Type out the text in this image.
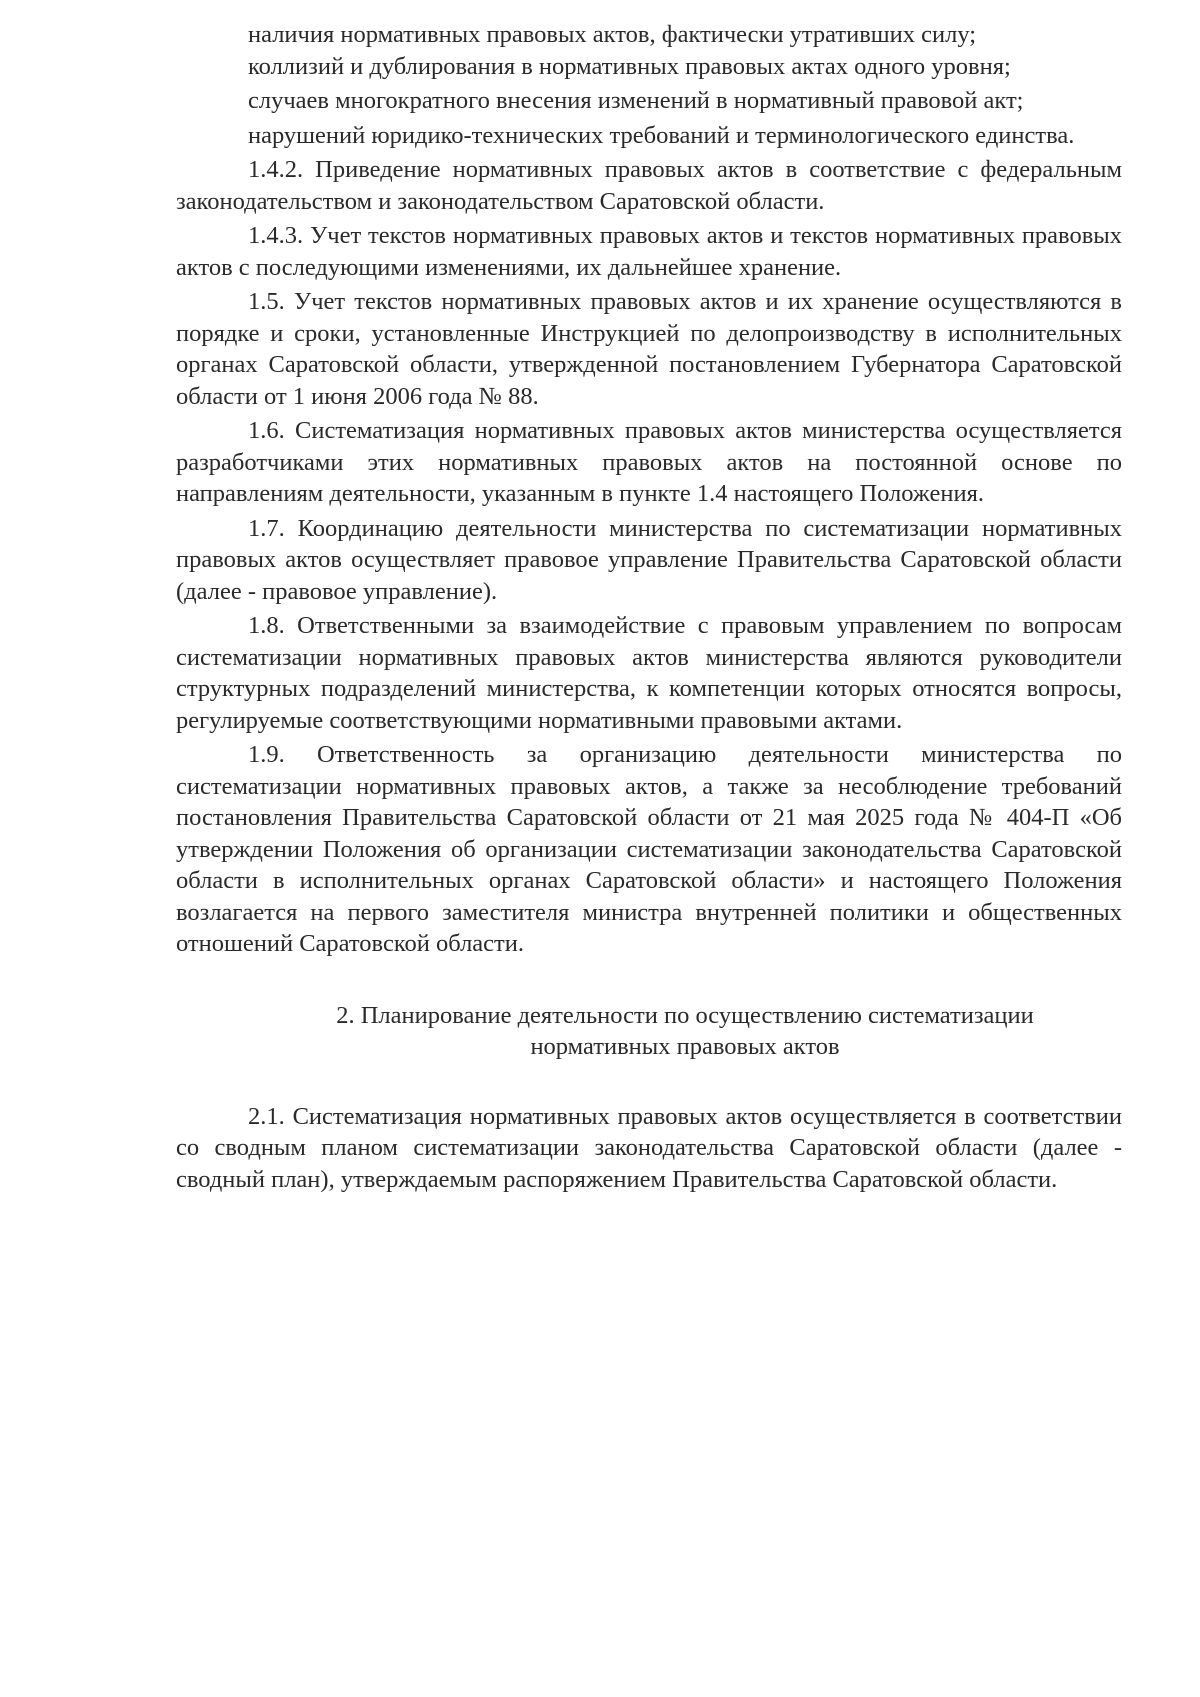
наличия нормативных правовых актов, фактически утративших силу;

коллизий и дублирования в нормативных правовых актах одного уровня;

случаев многократного внесения изменений в нормативный правовой акт;

нарушений юридико-технических требований и терминологического единства.

1.4.2. Приведение нормативных правовых актов в соответствие с федеральным законодательством и законодательством Саратовской области.

1.4.3. Учет текстов нормативных правовых актов и текстов нормативных правовых актов с последующими изменениями, их дальнейшее хранение.

1.5. Учет текстов нормативных правовых актов и их хранение осуществляются в порядке и сроки, установленные Инструкцией по делопроизводству в исполнительных органах Саратовской области, утвержденной постановлением Губернатора Саратовской области от 1 июня 2006 года № 88.

1.6. Систематизация нормативных правовых актов министерства осуществляется разработчиками этих нормативных правовых актов на постоянной основе по направлениям деятельности, указанным в пункте 1.4 настоящего Положения.

1.7. Координацию деятельности министерства по систематизации нормативных правовых актов осуществляет правовое управление Правительства Саратовской области (далее - правовое управление).

1.8. Ответственными за взаимодействие с правовым управлением по вопросам систематизации нормативных правовых актов министерства являются руководители структурных подразделений министерства, к компетенции которых относятся вопросы, регулируемые соответствующими нормативными правовыми актами.

1.9. Ответственность за организацию деятельности министерства по систематизации нормативных правовых актов, а также за несоблюдение требований постановления Правительства Саратовской области от 21 мая 2025 года № 404-П «Об утверждении Положения об организации систематизации законодательства Саратовской области в исполнительных органах Саратовской области» и настоящего Положения возлагается на первого заместителя министра внутренней политики и общественных отношений Саратовской области.

2. Планирование деятельности по осуществлению систематизации
нормативных правовых актов

2.1. Систематизация нормативных правовых актов осуществляется в соответствии со сводным планом систематизации законодательства Саратовской области (далее - сводный план), утверждаемым распоряжением Правительства Саратовской области.
